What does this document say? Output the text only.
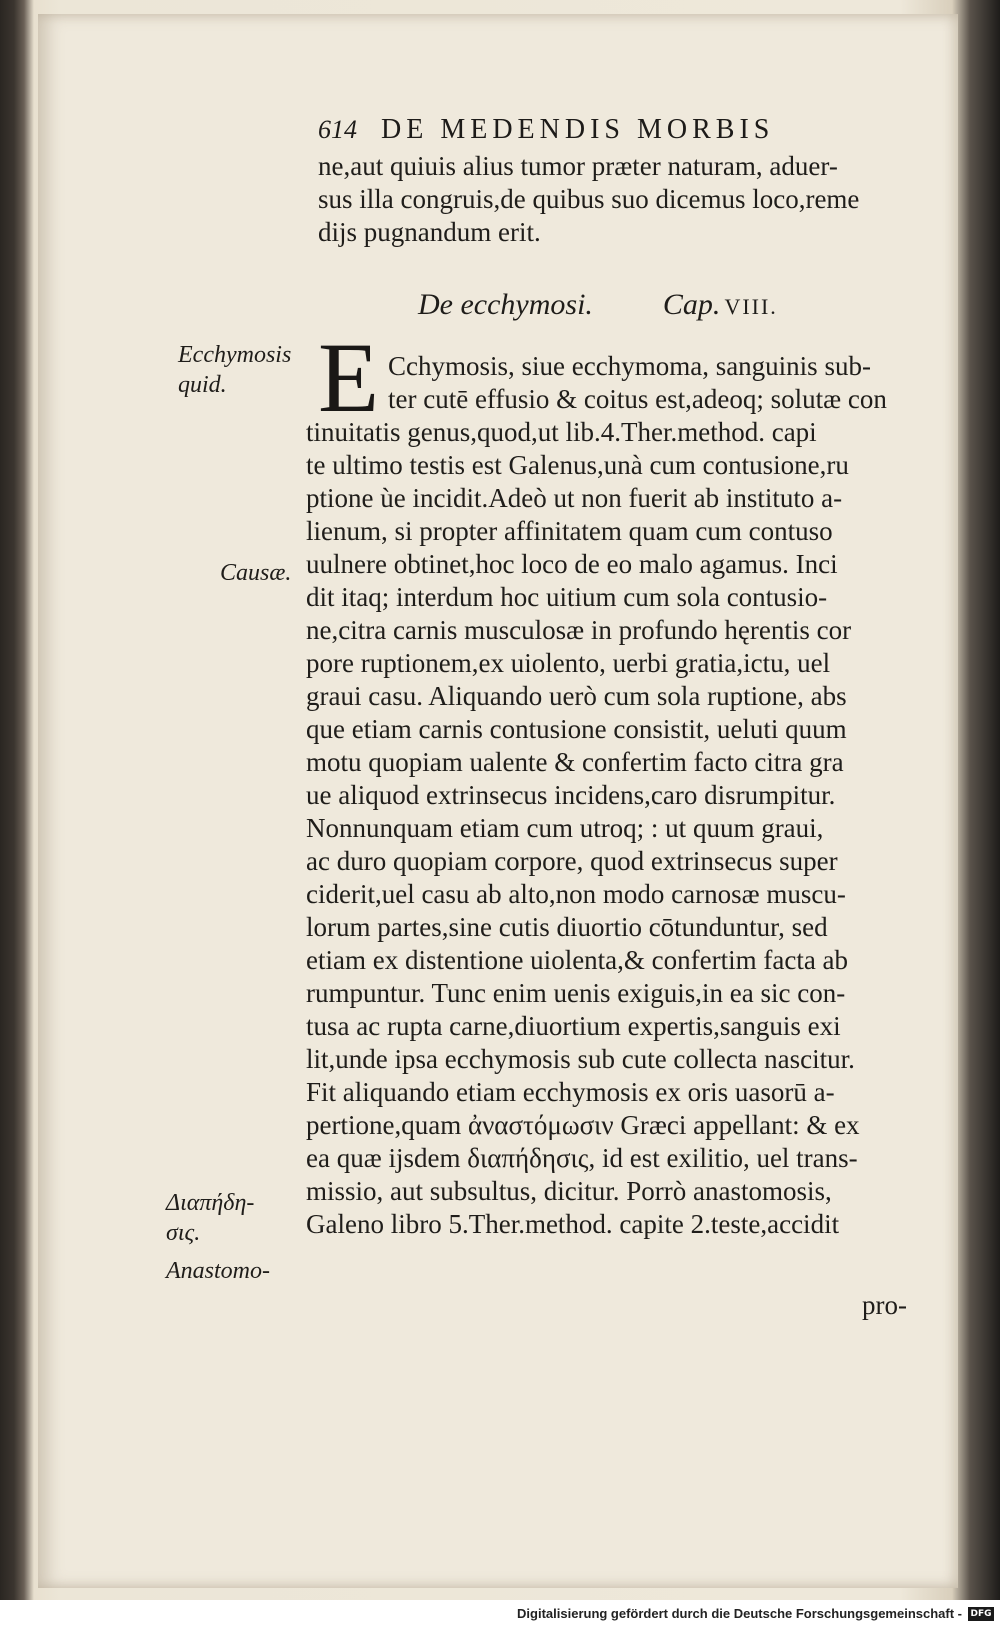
614 DE MEDENDIS MORBIS
ne,aut quiuis alius tumor præter naturam, aduer-
sus illa congruis,de quibus suo dicemus loco,reme
dijs pugnandum erit.
De ecchymosi. Cap. VIII.
E Cchymosis, siue ecchymoma, sanguinis sub-
ter cutē effusio & coitus est,adeoq; solutæ con
tinuitatis genus,quod,ut lib.4.Ther.method. capi
te ultimo testis est Galenus,unà cum contusione,ru
ptione ùe incidit.Adeò ut non fuerit ab instituto a-
lienum, si propter affinitatem quam cum contuso
uulnere obtinet,hoc loco de eo malo agamus. Inci
dit itaq; interdum hoc uitium cum sola contusio-
ne,citra carnis musculosæ in profundo hęrentis cor
pore ruptionem,ex uiolento, uerbi gratia,ictu, uel
graui casu. Aliquando uerò cum sola ruptione, abs
que etiam carnis contusione consistit, ueluti quum
motu quopiam ualente & confertim facto citra gra
ue aliquod extrinsecus incidens,caro disrumpitur.
Nonnunquam etiam cum utroq; : ut quum graui,
ac duro quopiam corpore, quod extrinsecus super
ciderit,uel casu ab alto,non modo carnosæ muscu-
lorum partes,sine cutis diuortio cōtunduntur, sed
etiam ex distentione uiolenta,& confertim facta ab
rumpuntur. Tunc enim uenis exiguis,in ea sic con-
tusa ac rupta carne,diuortium expertis,sanguis exi
lit,unde ipsa ecchymosis sub cute collecta nascitur.
Fit aliquando etiam ecchymosis ex oris uasorū a-
pertione,quam ἀναστόμωσιν Græci appellant: & ex
ea quæ ijsdem διαπήδησις, id est exilitio, uel trans-
missio, aut subsultus, dicitur. Porrò anastomosis,
Galeno libro 5.Ther.method. capite 2.teste,accidit
pro-
Ecchymosis
quid.
Causæ.
Διαπήδη-
σις.
Anastomo-
Digitalisierung gefördert durch die Deutsche Forschungsgemeinschaft - DFG
